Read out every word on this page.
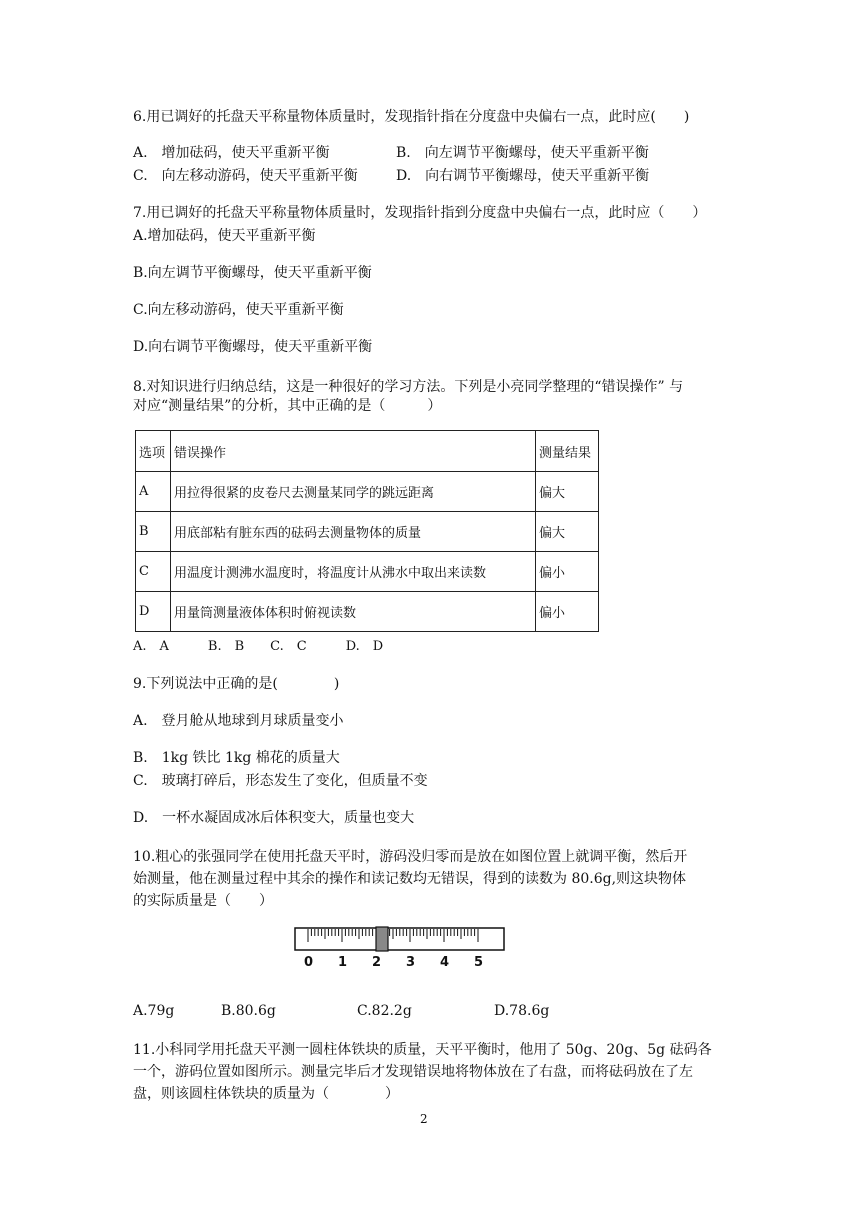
6.用已调好的托盘天平称量物体质量时，发现指针指在分度盘中央偏右一点，此时应(　　)
A.　增加砝码，使天平重新平衡	B.　向左调节平衡螺母，使天平重新平衡
C.　向左移动游码，使天平重新平衡	D.　向右调节平衡螺母，使天平重新平衡
7.用已调好的托盘天平称量物体质量时，发现指针指到分度盘中央偏右一点，此时应（　　）
A.增加砝码，使天平重新平衡
B.向左调节平衡螺母，使天平重新平衡
C.向左移动游码，使天平重新平衡
D.向右调节平衡螺母，使天平重新平衡
8.对知识进行归纳总结，这是一种很好的学习方法。下列是小亮同学整理的“错误操作” 与
对应“测量结果”的分析，其中正确的是（　　　）
选项	错误操作	测量结果
A	用拉得很紧的皮卷尺去测量某同学的跳远距离	偏大
B	用底部粘有脏东西的砝码去测量物体的质量	偏大
C	用温度计测沸水温度时，将温度计从沸水中取出来读数	偏小
D	用量筒测量液体体积时俯视读数	偏小
A.　A　　　B.　B　　C.　C　　　D.　D
9.下列说法中正确的是(　　　　)
A.　登月舱从地球到月球质量变小
B.　1kg 铁比 1kg 棉花的质量大
C.　玻璃打碎后，形态发生了变化，但质量不变
D.　一杯水凝固成冰后体积变大，质量也变大
10.粗心的张强同学在使用托盘天平时，游码没归零而是放在如图位置上就调平衡，然后开
始测量，他在测量过程中其余的操作和读记数均无错误，得到的读数为 80.6g,则这块物体
的实际质量是（　　）
0 1 2 3 4 5
A.79g	B.80.6g	C.82.2g	D.78.6g
11.小科同学用托盘天平测一圆柱体铁块的质量，天平平衡时，他用了 50g、20g、5g 砝码各
一个，游码位置如图所示。测量完毕后才发现错误地将物体放在了右盘，而将砝码放在了左
盘，则该圆柱体铁块的质量为（　　　　）
2
